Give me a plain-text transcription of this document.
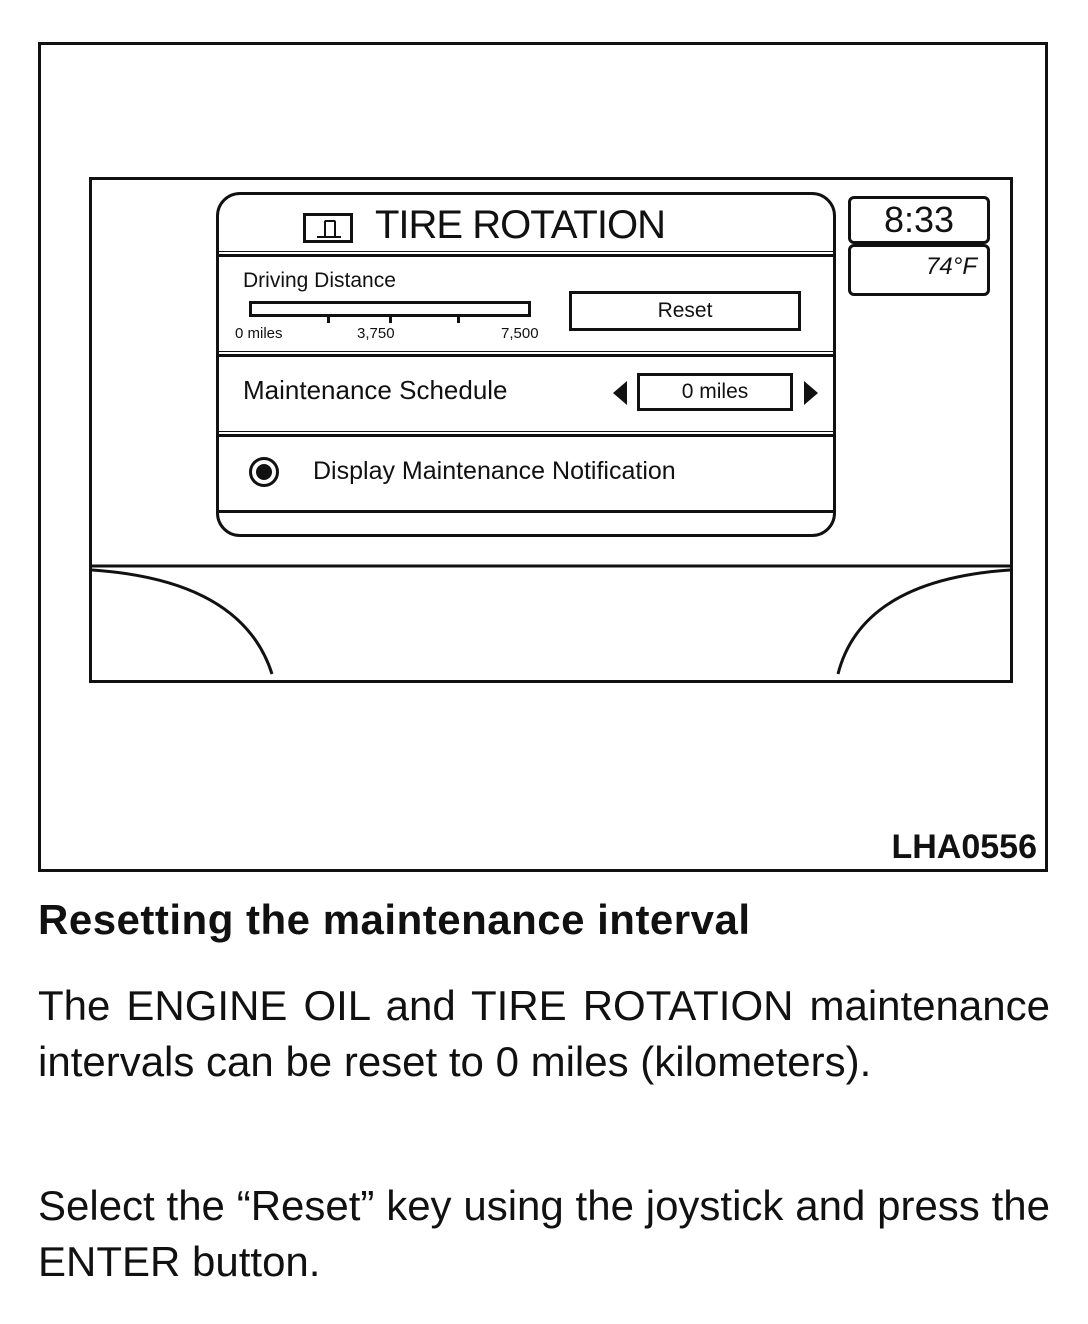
TIRE ROTATION
Driving Distance
0 miles	3,750	7,500
Reset
Maintenance Schedule	0 miles
Display Maintenance Notification
8:33
74°F
LHA0556
Resetting the maintenance interval

The ENGINE OIL and TIRE ROTATION maintenance intervals can be reset to 0 miles (kilometers).

Select the “Reset” key using the joystick and press the ENTER button.
